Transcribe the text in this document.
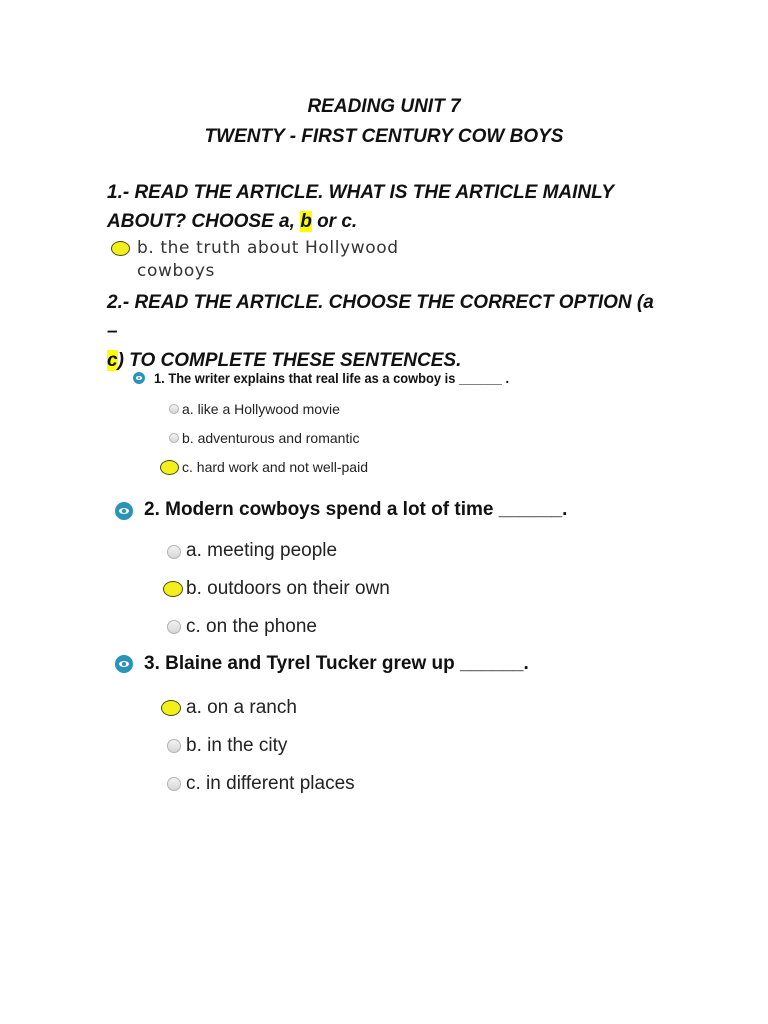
READING UNIT 7
TWENTY - FIRST CENTURY COW BOYS
1.- READ THE ARTICLE. WHAT IS THE ARTICLE MAINLY
ABOUT? CHOOSE a, b or c.
b. the truth about Hollywood
cowboys
2.- READ THE ARTICLE. CHOOSE THE CORRECT OPTION (a –
c) TO COMPLETE THESE SENTENCES.
1. The writer explains that real life as a cowboy is ______ .
a. like a Hollywood movie
b. adventurous and romantic
c. hard work and not well-paid
2. Modern cowboys spend a lot of time ______.
a. meeting people
b. outdoors on their own
c. on the phone
3. Blaine and Tyrel Tucker grew up ______.
a. on a ranch
b. in the city
c. in different places
